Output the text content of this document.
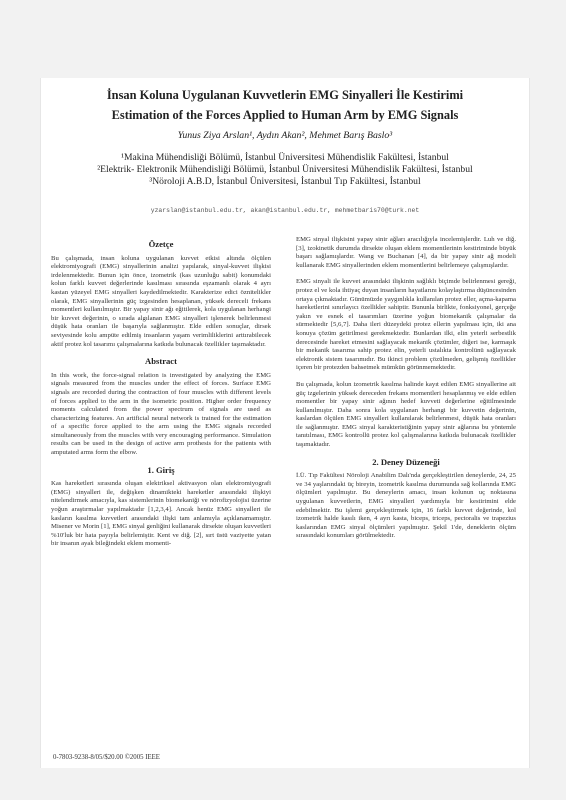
İnsan Koluna Uygulanan Kuvvetlerin EMG Sinyalleri İle Kestirimi
Estimation of the Forces Applied to Human Arm by EMG Signals
Yunus Ziya Arslan¹, Aydın Akan², Mehmet Barış Baslo³
¹Makina Mühendisliği Bölümü, İstanbul Üniversitesi Mühendislik Fakültesi, İstanbul
²Elektrik- Elektronik Mühendisliği Bölümü, İstanbul Üniversitesi Mühendislik Fakültesi, İstanbul
³Nöroloji A.B.D, İstanbul Üniversitesi, İstanbul Tıp Fakültesi, İstanbul
yzarslan@istanbul.edu.tr, akan@istanbul.edu.tr, mehmetbaris70@turk.net
Özetçe

Bu çalışmada, insan koluna uygulanan kuvvet etkisi altında ölçülen elektromiyografi (EMG) sinyallerinin analizi yapılarak, sinyal-kuvvet ilişkisi irdelenmektedir. Bunun için önce, izometrik (kas uzunluğu sabit) konumdaki kolun farklı kuvvet değerlerinde kasılması sırasında eşzamanlı olarak 4 ayrı kastan yüzeyel EMG sinyalleri kaydedilmektedir. Karakterize edici öznitelikler olarak, EMG sinyallerinin güç izgesinden hesaplanan, yüksek dereceli frekans momentleri kullanılmıştır. Bir yapay sinir ağı eğitilerek, kola uygulanan herhangi bir kuvvet değerinin, o sırada algılanan EMG sinyalleri işlenerek belirlenmesi düşük hata oranları ile başarıyla sağlanmıştır. Elde edilen sonuçlar, dirsek seviyesinde kolu ampüte edilmiş insanların yaşam verimliliklerini arttırabilecek aktif protez kol tasarımı çalışmalarına katkıda bulunacak özellikler taşımaktadır.

Abstract

In this work, the force-signal relation is investigated by analyzing the EMG signals measured from the muscles under the effect of forces. Surface EMG signals are recorded during the contraction of four muscles with different levels of forces applied to the arm in the isometric position. Higher order frequency moments calculated from the power spectrum of signals are used as characterizing features. An artificial neural network is trained for the estimation of a specific force applied to the arm using the EMG signals recorded simultaneously from the muscles with very encouraging performance. Simulation results can be used in the design of active arm prothesis for the patients with amputated arms form the elbow.

1. Giriş

Kas hareketleri sırasında oluşan elektriksel aktivasyon olan elektromiyografi (EMG) sinyalleri ile, değişken dinamikteki hareketler arasındaki ilişkiyi nitelendirmek amacıyla, kas sistemlerinin biomekaniği ve nörofizyolojisi üzerine yoğun araştırmalar yapılmaktadır [1,2,3,4]. Ancak henüz EMG sinyalleri ile kasların kasılma kuvvetleri arasındaki ilişki tam anlamıyla açıklanamamıştır. Misener ve Morin [1], EMG sinyal genliğini kullanarak dirsekte oluşan kuvvetleri %10'luk bir hata payıyla belirlemiştir. Kent ve diğ. [2], sırt üstü vaziyette yatan bir insanın ayak bileğindeki eklem momenti-

EMG sinyal ilişkisini yapay sinir ağları aracılığıyla incelemişlerdir. Luh ve diğ. [3], izokinetik durumda dirsekte oluşan eklem momentlerinin kestiriminde büyük başarı sağlamışlardır. Wang ve Buchanan [4], da bir yapay sinir ağ modeli kullanarak EMG sinyallerinden eklem momentlerini belirlemeye çalışmışlardır.

EMG sinyali ile kuvvet arasındaki ilişkinin sağlıklı biçimde belirlenmesi gereği, protez el ve kola ihtiyaç duyan insanların hayatlarını kolaylaştırma düşüncesinden ortaya çıkmaktadır. Günümüzde yaygınlıkla kullanılan protez eller, açma-kapama hareketlerini sınırlayıcı özellikler sahiptir. Bununla birlikte, fonksiyonel, gerçeğe yakın ve esnek el tasarımları üzerine yoğun biomekanik çalışmalar da sürmektedir [5,6,7]. Daha ileri düzeydeki protez ellerin yapılması için, iki ana konuya çözüm getirilmesi gerekmektedir. Bunlardan ilki, elin yeterli serbestlik derecesinde hareket etmesini sağlayacak mekanik çözümler, diğeri ise, karmaşık bir mekanik tasarıma sahip protez elin, yeterli ustalıkta kontrolünü sağlayacak elektronik sistem tasarımıdır. Bu ikinci problem çözülmeden, gelişmiş özellikler içeren bir protezden bahsetmek mümkün görünmemektedir.

Bu çalışmada, kolun izometrik kasılma halinde kayıt edilen EMG sinyallerine ait güç izgelerinin yüksek dereceden frekans momentleri hesaplanmış ve elde edilen momentler bir yapay sinir ağının hedef kuvveti değerlerine eğitilmesinde kullanılmıştır. Daha sonra kola uygulanan herhangi bir kuvvetin değerinin, kaslardan ölçülen EMG sinyalleri kullanılarak belirlenmesi, düşük hata oranları ile sağlanmıştır. EMG sinyal karakteristiğinin yapay sinir ağlarına bu yöntemle tanıtılması, EMG kontrollü protez kol çalışmalarına katkıda bulunacak özellikler taşımaktadır.

2. Deney Düzeneği

İ.Ü. Tıp Fakültesi Nöroloji Anabilim Dalı'nda gerçekleştirilen deneylerde, 24, 25 ve 34 yaşlarındaki üç bireyin, izometrik kasılma durumunda sağ kollarında EMG ölçümleri yapılmıştır. Bu deneylerin amacı, insan kolunun uç noktasına uygulanan kuvvetlerin, EMG sinyalleri yardımıyla bir kestirimini elde edebilmektir. Bu işlemi gerçekleştirmek için, 16 farklı kuvvet değerinde, kol izometrik halde kasılı iken, 4 ayrı kasta, biceps, triceps, pectoralis ve trapezius kaslarından EMG sinyal ölçümleri yapılmıştır. Şekil 1'de, deneklerin ölçüm sırasındaki konumları görülmektedir.

0-7803-9238-8/05/$20.00 ©2005 IEEE
